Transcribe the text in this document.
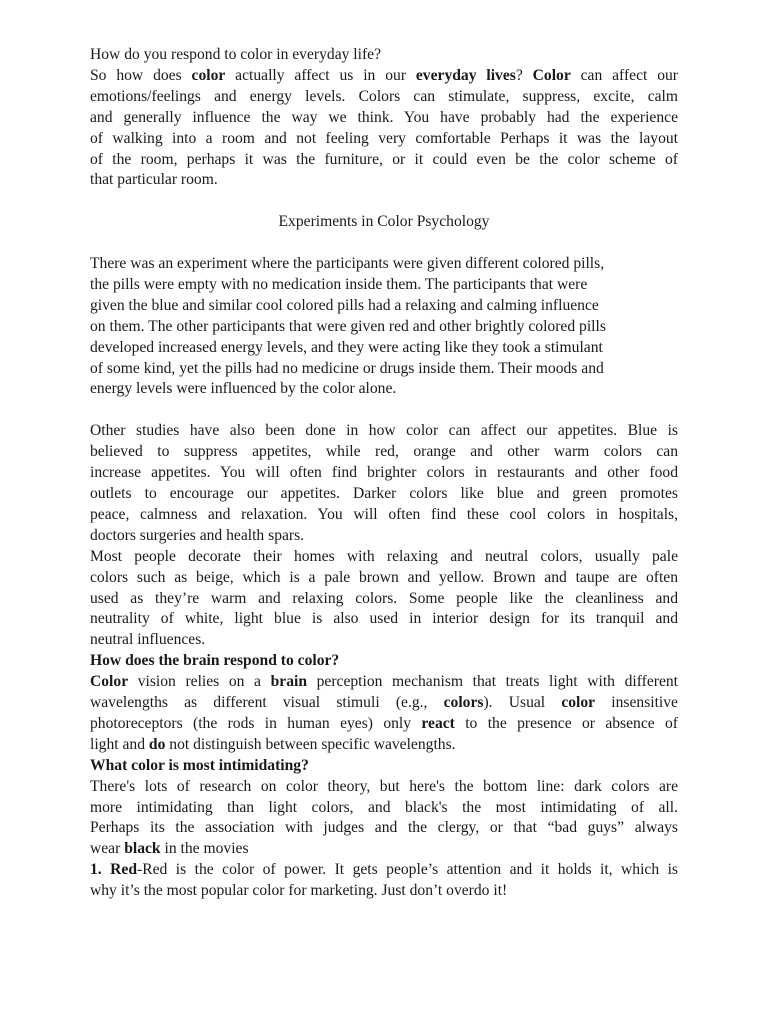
How do you respond to color in everyday life?
So how does color actually affect us in our everyday lives? Color can affect our
emotions/feelings and energy levels. Colors can stimulate, suppress, excite, calm
and generally influence the way we think. You have probably had the experience
of walking into a room and not feeling very comfortable Perhaps it was the layout
of the room, perhaps it was the furniture, or it could even be the color scheme of
that particular room.
Experiments in Color Psychology
There was an experiment where the participants were given different colored pills,
the pills were empty with no medication inside them. The participants that were
given the blue and similar cool colored pills had a relaxing and calming influence
on them. The other participants that were given red and other brightly colored pills
developed increased energy levels, and they were acting like they took a stimulant
of some kind, yet the pills had no medicine or drugs inside them. Their moods and
energy levels were influenced by the color alone.
Other studies have also been done in how color can affect our appetites. Blue is
believed to suppress appetites, while red, orange and other warm colors can
increase appetites. You will often find brighter colors in restaurants and other food
outlets to encourage our appetites. Darker colors like blue and green promotes
peace, calmness and relaxation. You will often find these cool colors in hospitals,
doctors surgeries and health spars.
Most people decorate their homes with relaxing and neutral colors, usually pale
colors such as beige, which is a pale brown and yellow. Brown and taupe are often
used as they’re warm and relaxing colors. Some people like the cleanliness and
neutrality of white, light blue is also used in interior design for its tranquil and
neutral influences.
How does the brain respond to color?
Color vision relies on a brain perception mechanism that treats light with different
wavelengths as different visual stimuli (e.g., colors). Usual color insensitive
photoreceptors (the rods in human eyes) only react to the presence or absence of
light and do not distinguish between specific wavelengths.
What color is most intimidating?
There's lots of research on color theory, but here's the bottom line: dark colors are
more intimidating than light colors, and black's the most intimidating of all.
Perhaps its the association with judges and the clergy, or that “bad guys” always
wear black in the movies
1. Red-Red is the color of power. It gets people’s attention and it holds it, which is
why it’s the most popular color for marketing. Just don’t overdo it!
